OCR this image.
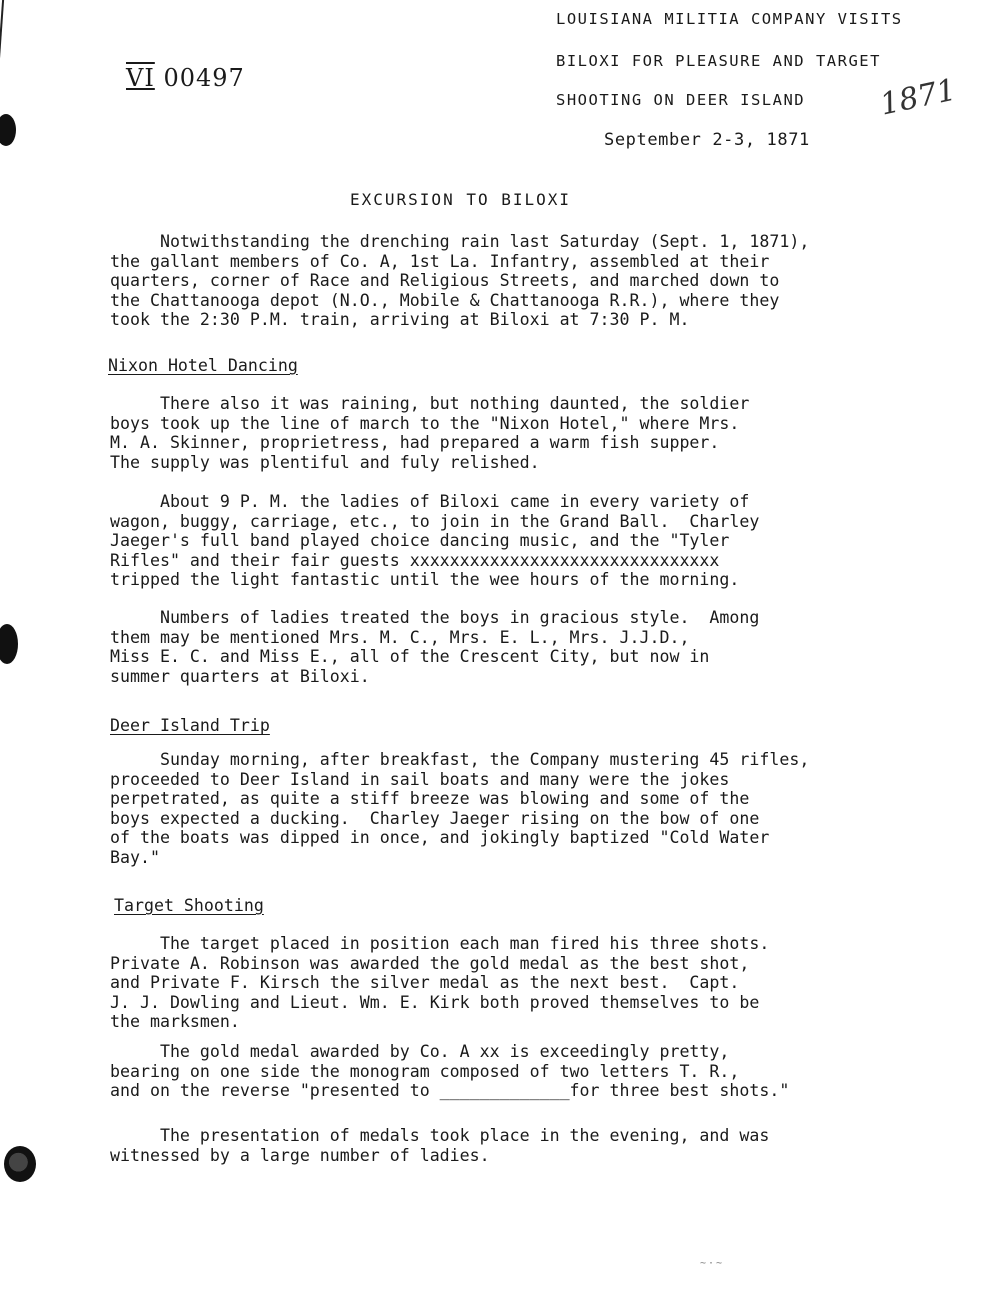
VI 00497	1871
LOUISIANA MILITIA COMPANY VISITS
BILOXI FOR PLEASURE AND TARGET
SHOOTING ON DEER ISLAND
September 2-3, 1871
EXCURSION TO BILOXI
Notwithstanding the drenching rain last Saturday (Sept. 1, 1871),
the gallant members of Co. A, 1st La. Infantry, assembled at their
quarters, corner of Race and Religious Streets, and marched down to
the Chattanooga depot (N.O., Mobile & Chattanooga R.R.), where they
took the 2:30 P.M. train, arriving at Biloxi at 7:30 P. M.
Nixon Hotel Dancing
There also it was raining, but nothing daunted, the soldier
boys took up the line of march to the "Nixon Hotel," where Mrs.
M. A. Skinner, proprietress, had prepared a warm fish supper.
The supply was plentiful and fuly relished.
About 9 P. M. the ladies of Biloxi came in every variety of
wagon, buggy, carriage, etc., to join in the Grand Ball.  Charley
Jaeger's full band played choice dancing music, and the "Tyler
Rifles" and their fair guests xxxxxxxxxxxxxxxxxxxxxxxxxxxxxxx
tripped the light fantastic until the wee hours of the morning.
Numbers of ladies treated the boys in gracious style.  Among
them may be mentioned Mrs. M. C., Mrs. E. L., Mrs. J.J.D.,
Miss E. C. and Miss E., all of the Crescent City, but now in
summer quarters at Biloxi.
Deer Island Trip
Sunday morning, after breakfast, the Company mustering 45 rifles,
proceeded to Deer Island in sail boats and many were the jokes
perpetrated, as quite a stiff breeze was blowing and some of the
boys expected a ducking.  Charley Jaeger rising on the bow of one
of the boats was dipped in once, and jokingly baptized "Cold Water
Bay."
Target Shooting
The target placed in position each man fired his three shots.
Private A. Robinson was awarded the gold medal as the best shot,
and Private F. Kirsch the silver medal as the next best.  Capt.
J. J. Dowling and Lieut. Wm. E. Kirk both proved themselves to be
the marksmen.
The gold medal awarded by Co. A xx is exceedingly pretty,
bearing on one side the monogram composed of two letters T. R.,
and on the reverse "presented to _____________for three best shots."
The presentation of medals took place in the evening, and was
witnessed by a large number of ladies.
~·~
